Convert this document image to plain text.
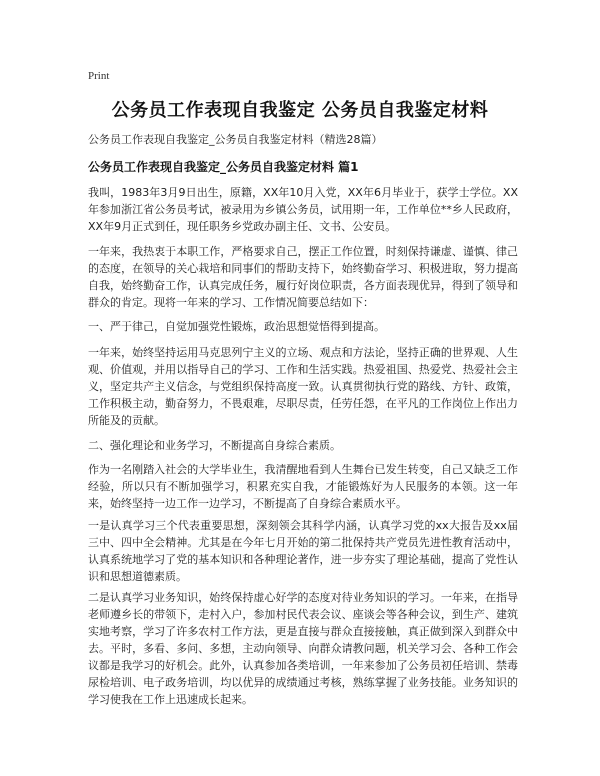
Print
公务员工作表现自我鉴定 公务员自我鉴定材料
公务员工作表现自我鉴定_公务员自我鉴定材料（精选28篇）
公务员工作表现自我鉴定_公务员自我鉴定材料 篇1
我叫，1983年3月9日出生，原籍，XX年10月入党，XX年6月毕业于，获学士学位。XX年参加浙江省公务员考试，被录用为乡镇公务员，试用期一年，工作单位**乡人民政府，XX年9月正式到任，现任职务乡党政办副主任、文书、公安员。
一年来，我热衷于本职工作，严格要求自己，摆正工作位置，时刻保持谦虚、谨慎、律己的态度，在领导的关心栽培和同事们的帮助支持下，始终勤奋学习、积极进取，努力提高自我，始终勤奋工作，认真完成任务，履行好岗位职责，各方面表现优异，得到了领导和群众的肯定。现将一年来的学习、工作情况简要总结如下：
一、严于律己，自觉加强党性锻炼，政治思想觉悟得到提高。
一年来，始终坚持运用马克思列宁主义的立场、观点和方法论，坚持正确的世界观、人生观、价值观，并用以指导自己的学习、工作和生活实践。热爱祖国、热爱党、热爱社会主义，坚定共产主义信念，与党组织保持高度一致。认真贯彻执行党的路线、方针、政策，工作积极主动，勤奋努力，不畏艰难，尽职尽责，任劳任怨，在平凡的工作岗位上作出力所能及的贡献。
二、强化理论和业务学习，不断提高自身综合素质。
作为一名刚踏入社会的大学毕业生，我清醒地看到人生舞台已发生转变，自己又缺乏工作经验，所以只有不断加强学习，积累充实自我，才能锻炼好为人民服务的本领。这一年来，始终坚持一边工作一边学习，不断提高了自身综合素质水平。
一是认真学习三个代表重要思想，深刻领会其科学内涵，认真学习党的xx大报告及xx届三中、四中全会精神。尤其是在今年七月开始的第二批保持共产党员先进性教育活动中，认真系统地学习了党的基本知识和各种理论著作，进一步夯实了理论基础，提高了党性认识和思想道德素质。
二是认真学习业务知识，始终保持虚心好学的态度对待业务知识的学习。一年来，在指导老师遵乡长的带领下，走村入户，参加村民代表会议、座谈会等各种会议，到生产、建筑实地考察，学习了许多农村工作方法，更是直接与群众直接接触，真正做到深入到群众中去。平时，多看、多问、多想，主动向领导、向群众请教问题，机关学习会、各种工作会议都是我学习的好机会。此外，认真参加各类培训，一年来参加了公务员初任培训、禁毒尿检培训、电子政务培训，均以优异的成绩通过考核，熟练掌握了业务技能。业务知识的学习使我在工作上迅速成长起来。
